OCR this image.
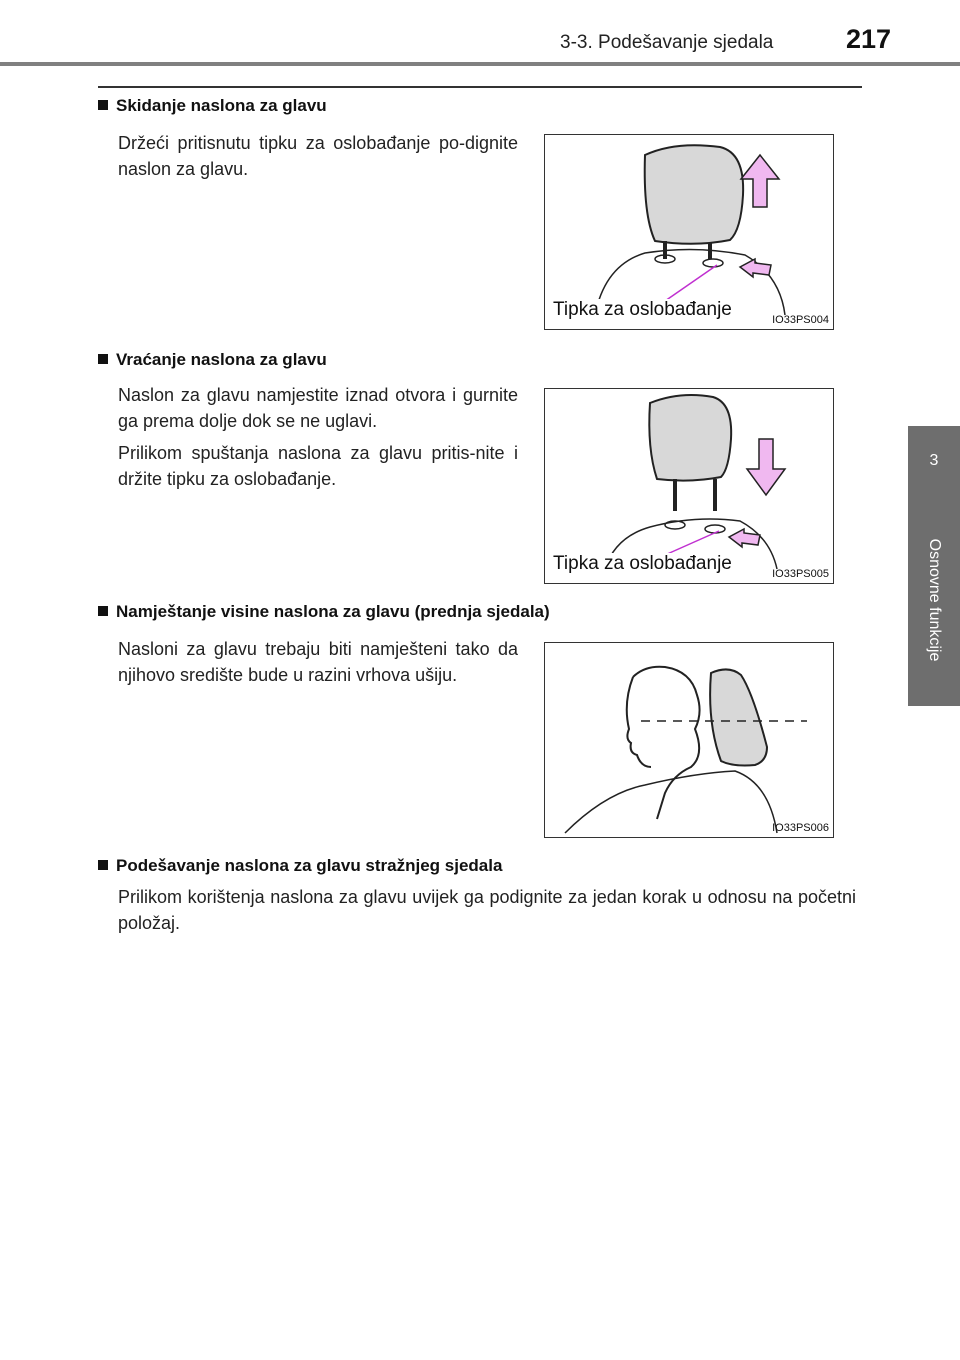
3-3. Podešavanje sjedala	217
3
Osnovne funkcije
Skidanje naslona za glavu
Držeći pritisnutu tipku za oslobađanje po-dignite naslon za glavu.
Tipka za oslobađanje	IO33PS004
Vraćanje naslona za glavu
Naslon za glavu namjestite iznad otvora i gurnite ga prema dolje dok se ne uglavi.
Prilikom spuštanja naslona za glavu pritis-nite i držite tipku za oslobađanje.
Tipka za oslobađanje	IO33PS005
Namještanje visine naslona za glavu (prednja sjedala)
Nasloni za glavu trebaju biti namješteni tako da njihovo središte bude u razini vrhova ušiju.
IO33PS006
Podešavanje naslona za glavu stražnjeg sjedala
Prilikom korištenja naslona za glavu uvijek ga podignite za jedan korak u odnosu na početni položaj.
